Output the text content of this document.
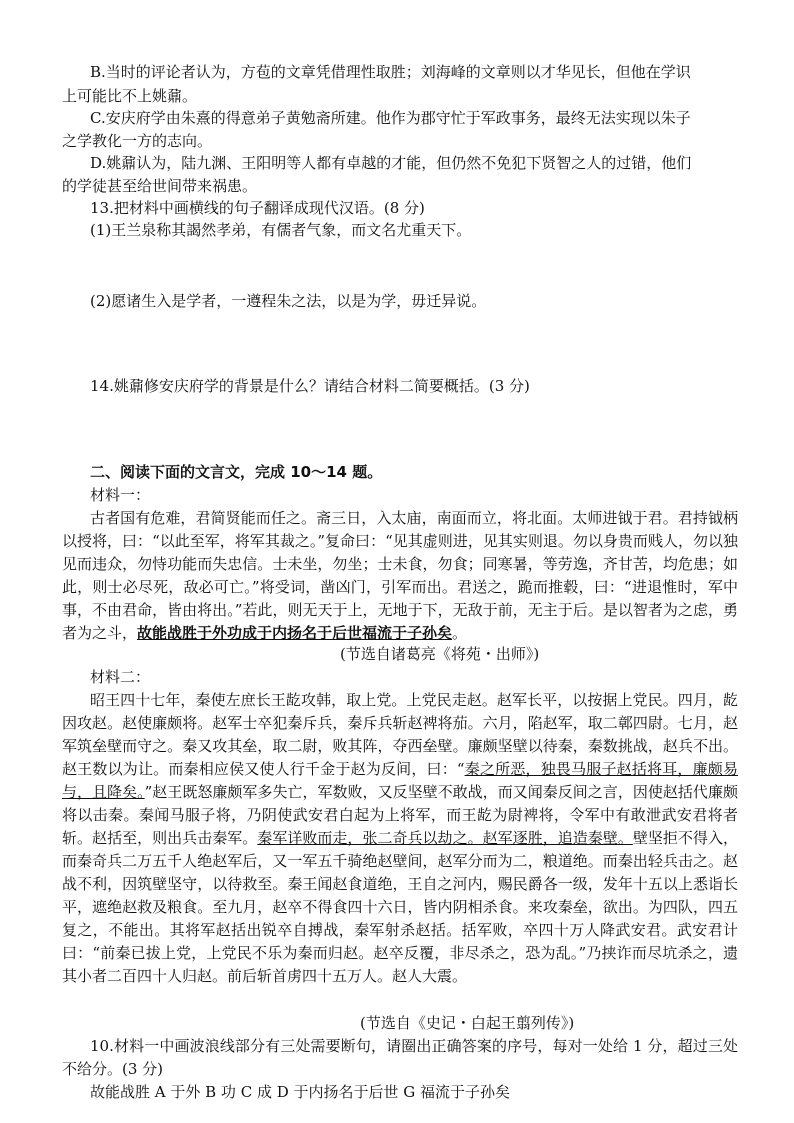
B.当时的评论者认为，方苞的文章凭借理性取胜；刘海峰的文章则以才华见长，但他在学识
上可能比不上姚鼐。
C.安庆府学由朱熹的得意弟子黄勉斋所建。他作为郡守忙于军政事务，最终无法实现以朱子
之学教化一方的志向。
D.姚鼐认为，陆九渊、王阳明等人都有卓越的才能，但仍然不免犯下贤智之人的过错，他们
的学徒甚至给世间带来祸患。
13.把材料中画横线的句子翻译成现代汉语。(8 分)
(1)王兰泉称其謁然孝弟，有儒者气象，而文名尤重天下。
(2)愿诸生入是学者，一遵程朱之法，以是为学，毋迁异说。
14.姚鼐修安庆府学的背景是什么？请结合材料二简要概括。(3 分)
二、阅读下面的文言文，完成 10～14 题。
材料一：

古者国有危难，君简贤能而任之。斋三日，入太庙，南面而立，将北面。太师进钺于君。君持钺柄以授将，曰：“以此至军，将军其裁之。”复命曰：“见其虚则进，见其实则退。勿以身贵而贱人，勿以独见而违众，勿恃功能而失忠信。士未坐，勿坐；士未食，勿食；同寒暑，等劳逸，齐甘苦，均危患；如此，则士必尽死，敌必可亡。”将受词，凿凶门，引军而出。君送之，跪而推毂，曰：“进退惟时，军中事，不由君命，皆由将出。”若此，则无天于上，无地于下，无敌于前，无主于后。是以智者为之虑，勇者为之斗，故能战胜于外功成于内扬名于后世福流于子孙矣。

(节选自诸葛亮《将苑・出师》)
材料二：

昭王四十七年，秦使左庶长王龁攻韩，取上党。上党民走赵。赵军长平，以按据上党民。四月，龁因攻赵。赵使廉颇将。赵军士卒犯秦斥兵，秦斥兵斩赵裨将茄。六月，陷赵军，取二鄣四尉。七月，赵军筑垒壁而守之。秦又攻其垒，取二尉，败其阵，夺西垒壁。廉颇坚壁以待秦，秦数挑战，赵兵不出。赵王数以为让。而秦相应侯又使人行千金于赵为反间，曰：“秦之所恶，独畏马服子赵括将耳，廉颇易与，且降矣。”赵王既怒廉颇军多失亡，军数败，又反坚壁不敢战，而又闻秦反间之言，因使赵括代廉颇将以击秦。秦闻马服子将，乃阴使武安君白起为上将军，而王龁为尉裨将，令军中有敢泄武安君将者斩。赵括至，则出兵击秦军。秦军详败而走，张二奇兵以劫之。赵军逐胜，追造秦壁。壁坚拒不得入，而秦奇兵二万五千人绝赵军后，又一军五千骑绝赵壁间，赵军分而为二，粮道绝。而秦出轻兵击之。赵战不利，因筑壁坚守，以待救至。秦王闻赵食道绝，王自之河内，赐民爵各一级，发年十五以上悉诣长平，遮绝赵救及粮食。至九月，赵卒不得食四十六日，皆内阴相杀食。来攻秦垒，欲出。为四队，四五复之，不能出。其将军赵括出锐卒自搏战，秦军射杀赵括。括军败，卒四十万人降武安君。武安君计曰：“前秦已拔上党，上党民不乐为秦而归赵。赵卒反覆，非尽杀之，恐为乱。”乃挟诈而尽坑杀之，遗其小者二百四十人归赵。前后斩首虏四十五万人。赵人大震。

(节选自《史记・白起王翦列传》)

10.材料一中画波浪线部分有三处需要断句，请圈出正确答案的序号，每对一处给 1 分，超过三处不给分。(3 分)

故能战胜 A 于外 B 功 C 成 D 于内扬名于后世 G 福流于子孙矣
